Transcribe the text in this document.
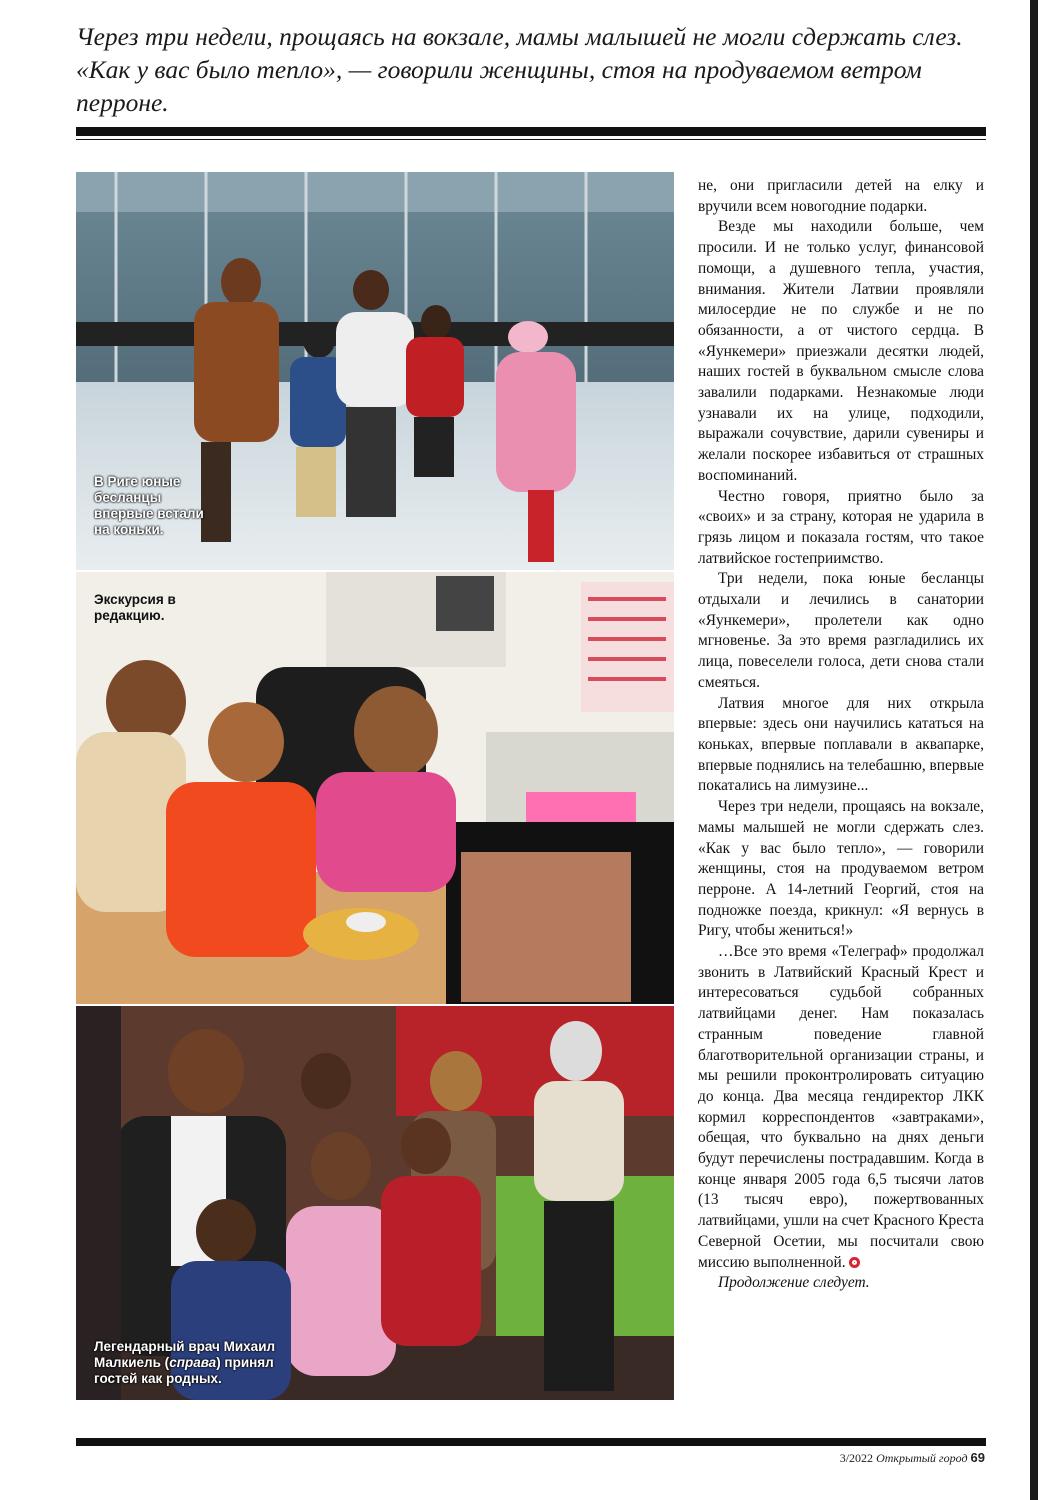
Через три недели, прощаясь на вокзале, мамы малышей не могли сдержать слез. «Как у вас было тепло», — говорили женщины, стоя на продуваемом ветром перроне.
В Риге юные бесланцы впервые встали на коньки.
Экскурсия в редакцию.
Легендарный врач Михаил Малкиель (справа) принял гостей как родных.

не, они пригласили детей на елку и вручили всем новогодние подарки.

Везде мы находили больше, чем просили. И не только услуг, финансовой помощи, а душевного тепла, участия, внимания. Жители Латвии проявляли милосердие не по службе и не по обязанности, а от чистого сердца. В «Яункемери» приезжали десятки людей, наших гостей в буквальном смысле слова завалили подарками. Незнакомые люди узнавали их на улице, подходили, выражали сочувствие, дарили сувениры и желали поскорее избавиться от страшных воспоминаний.

Честно говоря, приятно было за «своих» и за страну, которая не ударила в грязь лицом и показала гостям, что такое латвийское гостеприимство.

Три недели, пока юные бесланцы отдыхали и лечились в санатории «Яункемери», пролетели как одно мгновенье. За это время разгладились их лица, повеселели голоса, дети снова стали смеяться.

Латвия многое для них открыла впервые: здесь они научились кататься на коньках, впервые поплавали в аквапарке, впервые поднялись на телебашню, впервые покатались на лимузине...

Через три недели, прощаясь на вокзале, мамы малышей не могли сдержать слез. «Как у вас было тепло», — говорили женщины, стоя на продуваемом ветром перроне. А 14-летний Георгий, стоя на подножке поезда, крикнул: «Я вернусь в Ригу, чтобы жениться!»

…Все это время «Телеграф» продолжал звонить в Латвийский Красный Крест и интересоваться судьбой собранных латвийцами денег. Нам показалась странным поведение главной благотворительной организации страны, и мы решили проконтролировать ситуацию до конца. Два месяца гендиректор ЛКК кормил корреспондентов «завтраками», обещая, что буквально на днях деньги будут перечислены пострадавшим. Когда в конце января 2005 года 6,5 тысячи латов (13 тысяч евро), пожертвованных латвийцами, ушли на счет Красного Креста Северной Осетии, мы посчитали свою миссию выполненной.

Продолжение следует.

3/2022 Открытый город 69
